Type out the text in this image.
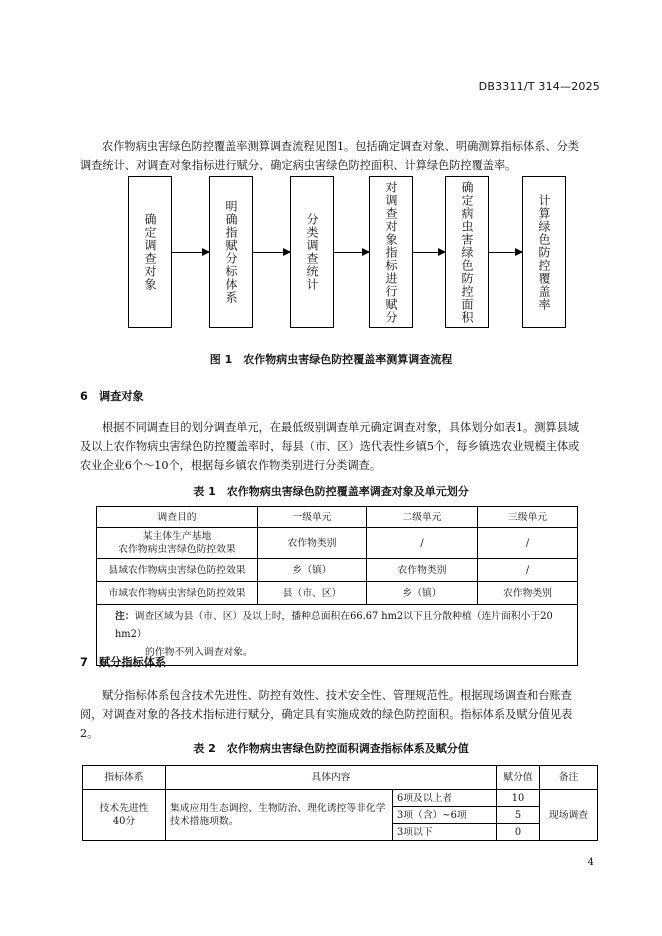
DB3311/T 314—2025

农作物病虫害绿色防控覆盖率测算调查流程见图1。包括确定调查对象、明确测算指标体系、分类调查统计、对调查对象指标进行赋分、确定病虫害绿色防控面积、计算绿色防控覆盖率。

确定调查对象	明确指赋分标体系	分类调查统计	对调查对象指标进行赋分	确定病虫害绿色防控面积	计算绿色防控覆盖率
图 1　农作物病虫害绿色防控覆盖率测算调查流程
6　调查对象

根据不同调查目的划分调查单元，在最低级别调查单元确定调查对象，具体划分如表1。测算县域及以上农作物病虫害绿色防控覆盖率时，每县（市、区）选代表性乡镇5个，每乡镇选农业规模主体或农业企业6个～10个，根据每乡镇农作物类别进行分类调查。

表 1　农作物病虫害绿色防控覆盖率调查对象及单元划分
调查目的	一级单元	二级单元	三级单元

某主体生产基地
农作物病虫害绿色防控效果	农作物类别	/	/
县域农作物病虫害绿色防控效果	乡（镇）	农作物类别	/
市域农作物病虫害绿色防控效果	县（市、区）	乡（镇）	农作物类别

注：调查区域为县（市、区）及以上时，播种总面积在66.67 hm2以下且分散种植（连片面积小于20 hm2）
的作物不列入调查对象。			
7　赋分指标体系

赋分指标体系包含技术先进性、防控有效性、技术安全性、管理规范性。根据现场调查和台账查阅，对调查对象的各技术指标进行赋分，确定具有实施成效的绿色防控面积。指标体系及赋分值见表 2。

表 2　农作物病虫害绿色防控面积调查指标体系及赋分值
指标体系	具体内容		赋分值	备注

技术先进性
40分	集成应用生态调控、生物防治、理化诱控等非化学技术措施项数。	6项及以上者	10	现场调查
		3项（含）~6项	5	
		3项以下	0	
4
